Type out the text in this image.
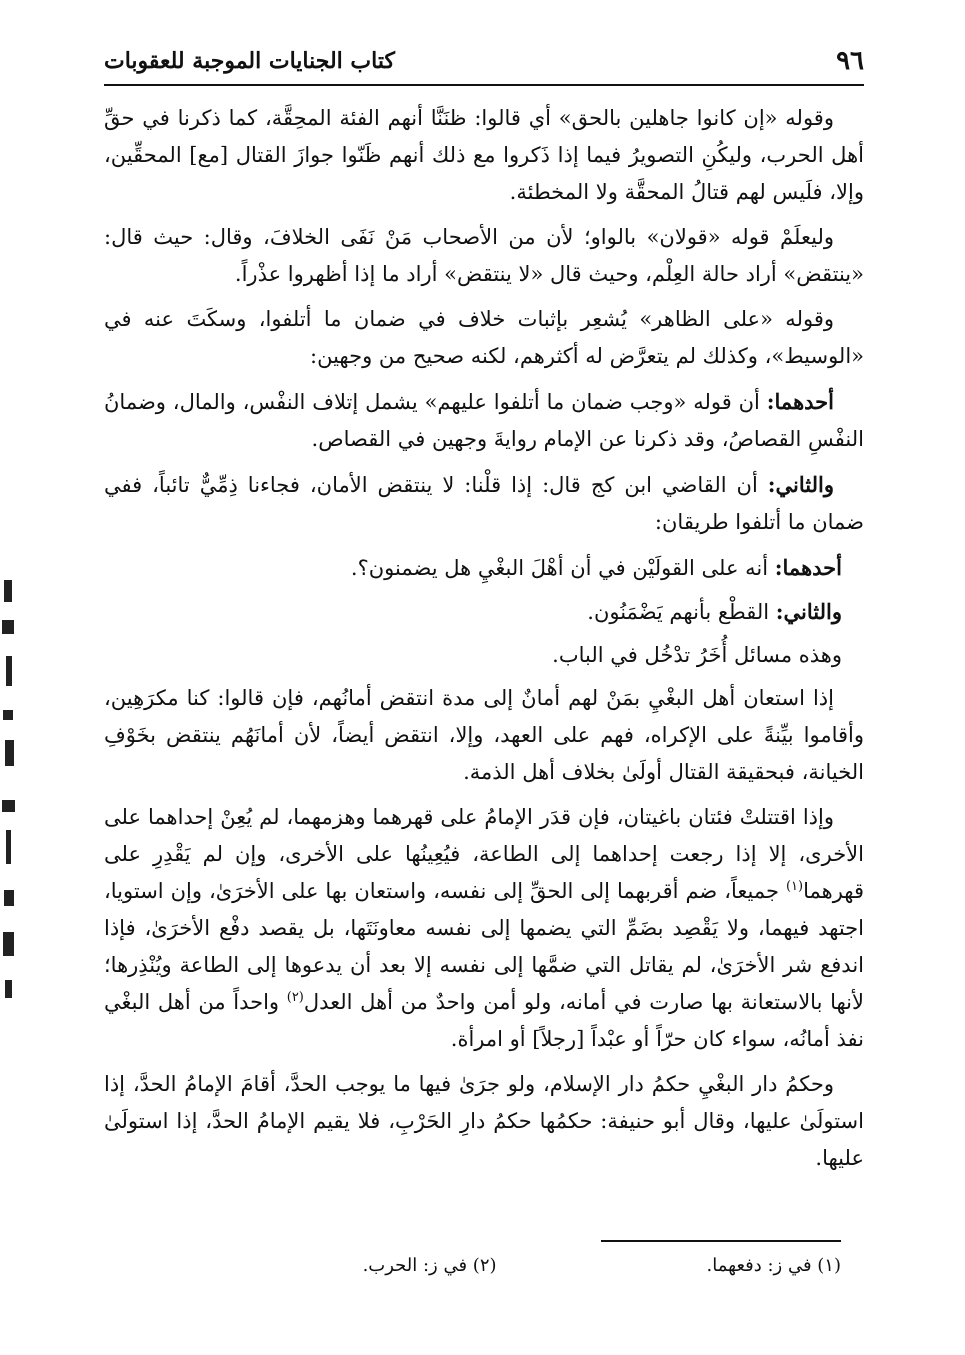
٩٦
كتاب الجنايات الموجبة للعقوبات

وقوله «إن كانوا جاهلين بالحق» أي قالوا: ظنَنَّا أنهم الفئة المحِقَّة، كما ذكرنا في حقِّ أهل الحرب، وليكُنِ التصويرُ فيما إذا ذَكروا مع ذلك أنهم ظَنّوا جوازَ القتال [مع] المحقِّين، وإلا، فلَيس لهم قتالُ المحقَّة ولا المخطئة.

وليعلَمْ قوله «قولان» بالواو؛ لأن من الأصحاب مَنْ نَفَى الخلافَ، وقال: حيث قال: «ينتقض» أراد حالة العِلْم، وحيث قال «لا ينتقض» أراد ما إذا أظهروا عذْراً.

وقوله «على الظاهر» يُشعِر بإثبات خلاف في ضمان ما أتلفوا، وسكَتَ عنه في «الوسيط»، وكذلك لم يتعرَّض له أكثرهم، لكنه صحيح من وجهين:

أحدهما: أن قوله «وجب ضمان ما أتلفوا عليهم» يشمل إتلاف النفْس، والمال، وضمانُ النفْسِ القصاصُ، وقد ذكرنا عن الإمام روايةَ وجهين في القصاص.

والثاني: أن القاضي ابن كج قال: إذا قلْنا: لا ينتقض الأمان، فجاءنا ذِمِّيٌّ تائباً، ففي ضمان ما أتلفوا طريقان:

أحدهما: أنه على القولَيْن في أن أهْلَ البغْيِ هل يضمنون؟.

والثاني: القطْع بأنهم يَضْمَنُون.

وهذه مسائل أُخَرُ تدْخُل في الباب.

إذا استعان أهل البغْيِ بمَنْ لهم أمانٌ إلى مدة انتقض أمانُهم، فإن قالوا: كنا مكرَهِين، وأقاموا بيِّنةً على الإكراه، فهم على العهد، وإلا، انتقض أيضاً، لأن أمانَهُم ينتقض بخَوْفِ الخيانة، فبحقيقة القتال أولَىٰ بخلاف أهل الذمة.

وإذا اقتتلتْ فئتان باغيتان، فإن قدَر الإمامُ على قهرهما وهزمهما، لم يُعِنْ إحداهما على الأخرى، إلا إذا رجعت إحداهما إلى الطاعة، فيُعِينُها على الأخرى، وإن لم يَقْدِرِ على قهرهما$^{(١)}$ جميعاً، ضم أقربهما إلى الحقِّ إلى نفسه، واستعان بها على الأخرَىٰ، وإن استويا، اجتهد فيهما، ولا يَقْصِد بضَمِّ التي يضمها إلى نفسه معاونَتَها، بل يقصد دفْع الأخرَىٰ، فإذا اندفع شر الأخرَىٰ، لم يقاتل التي ضمَّها إلى نفسه إلا بعد أن يدعوها إلى الطاعة ويُنْذِرها؛ لأنها بالاستعانة بها صارت في أمانه، ولو أمن واحدٌ من أهل العدل$^{(٢)}$ واحداً من أهل البغْي نفذ أمانُه، سواء كان حرّاً أو عبْداً [رجلاً] أو امرأة.

وحكمُ دار البغْيِ حكمُ دار الإسلام، ولو جرَىٰ فيها ما يوجب الحدَّ، أقامَ الإمامُ الحدَّ، إذا استولَىٰ عليها، وقال أبو حنيفة: حكمُها حكمُ دارِ الحَرْبِ، فلا يقيم الإمامُ الحدَّ، إذا استولَىٰ عليها.

(١) في ز: دفعهما.
(٢) في ز: الحرب.
